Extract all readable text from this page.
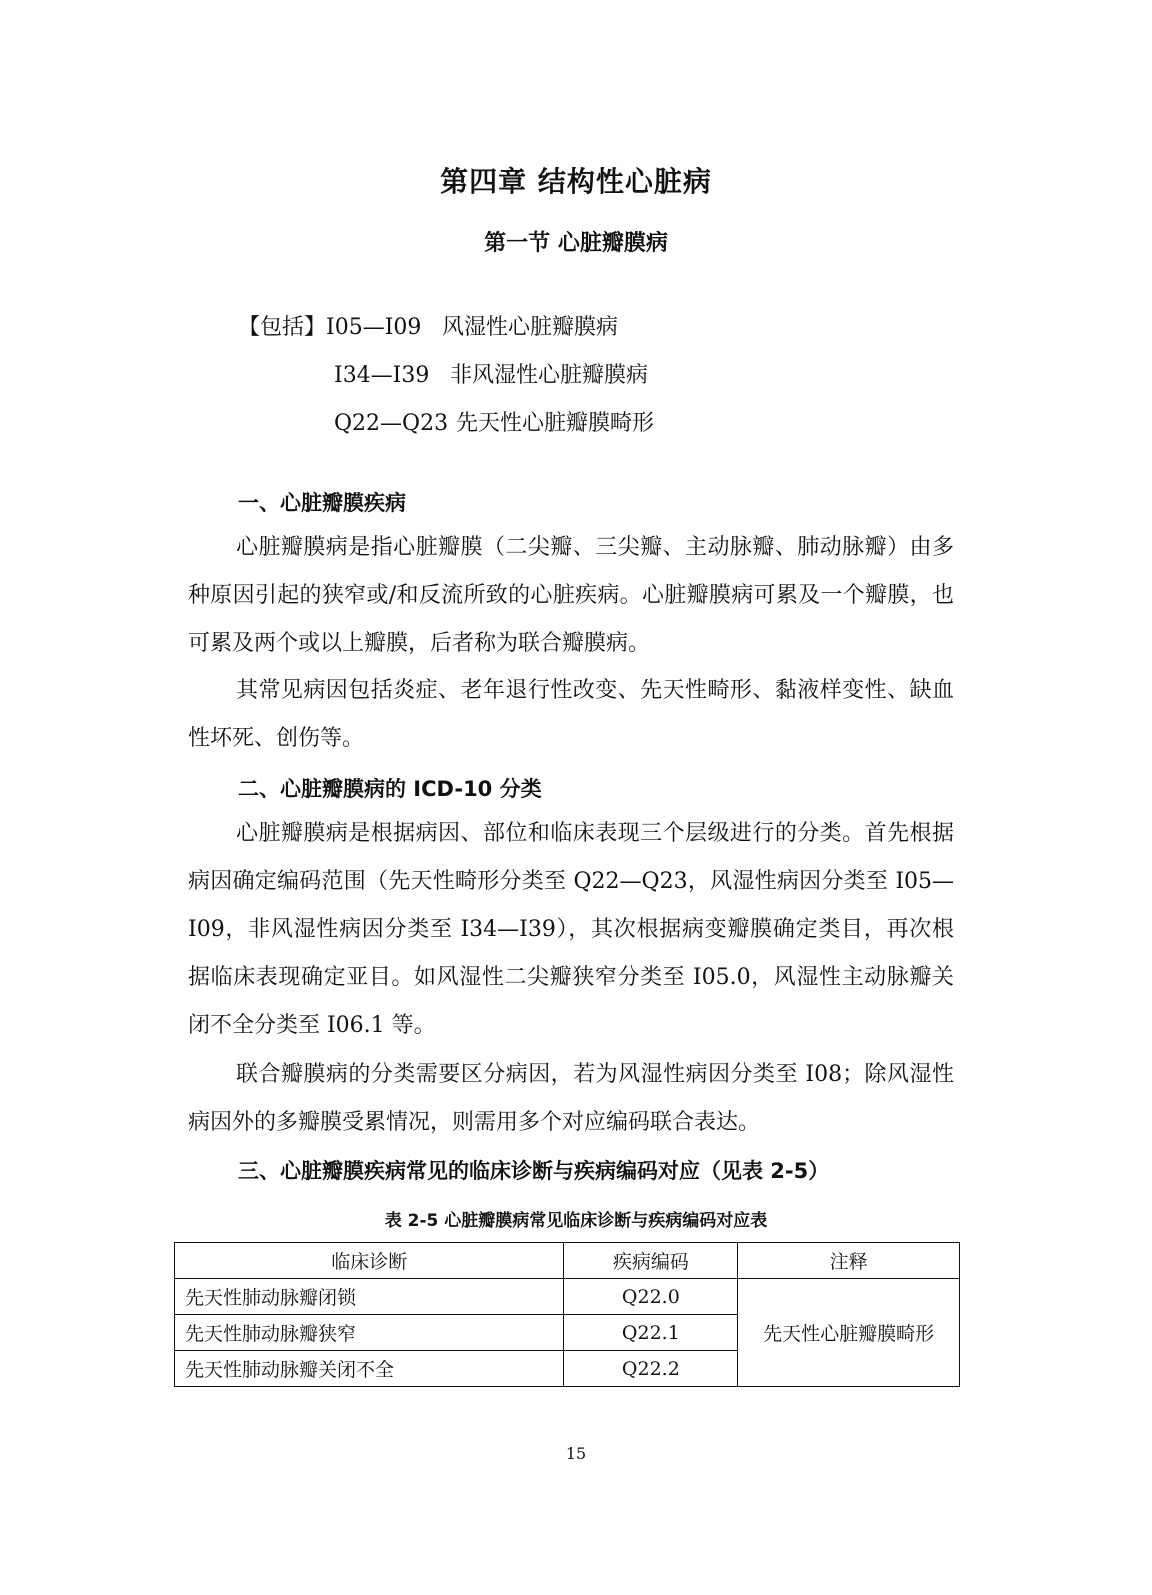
第四章 结构性心脏病
第一节 心脏瓣膜病
【包括】I05—I09 风湿性心脏瓣膜病
I34—I39 非风湿性心脏瓣膜病
Q22—Q23 先天性心脏瓣膜畸形
一、心脏瓣膜疾病

心脏瓣膜病是指心脏瓣膜（二尖瓣、三尖瓣、主动脉瓣、肺动脉瓣）由多种原因引起的狭窄或/和反流所致的心脏疾病。心脏瓣膜病可累及一个瓣膜，也可累及两个或以上瓣膜，后者称为联合瓣膜病。

其常见病因包括炎症、老年退行性改变、先天性畸形、黏液样变性、缺血性坏死、创伤等。

二、心脏瓣膜病的 ICD-10 分类

心脏瓣膜病是根据病因、部位和临床表现三个层级进行的分类。首先根据病因确定编码范围（先天性畸形分类至 Q22—Q23，风湿性病因分类至 I05—I09，非风湿性病因分类至 I34—I39），其次根据病变瓣膜确定类目，再次根据临床表现确定亚目。如风湿性二尖瓣狭窄分类至 I05.0，风湿性主动脉瓣关闭不全分类至 I06.1 等。

联合瓣膜病的分类需要区分病因，若为风湿性病因分类至 I08；除风湿性病因外的多瓣膜受累情况，则需用多个对应编码联合表达。

三、心脏瓣膜疾病常见的临床诊断与疾病编码对应（见表 2-5）
表 2-5 心脏瓣膜病常见临床诊断与疾病编码对应表
临床诊断	疾病编码	注释
先天性肺动脉瓣闭锁	Q22.0	先天性心脏瓣膜畸形
先天性肺动脉瓣狭窄	Q22.1	
先天性肺动脉瓣关闭不全	Q22.2	
15
